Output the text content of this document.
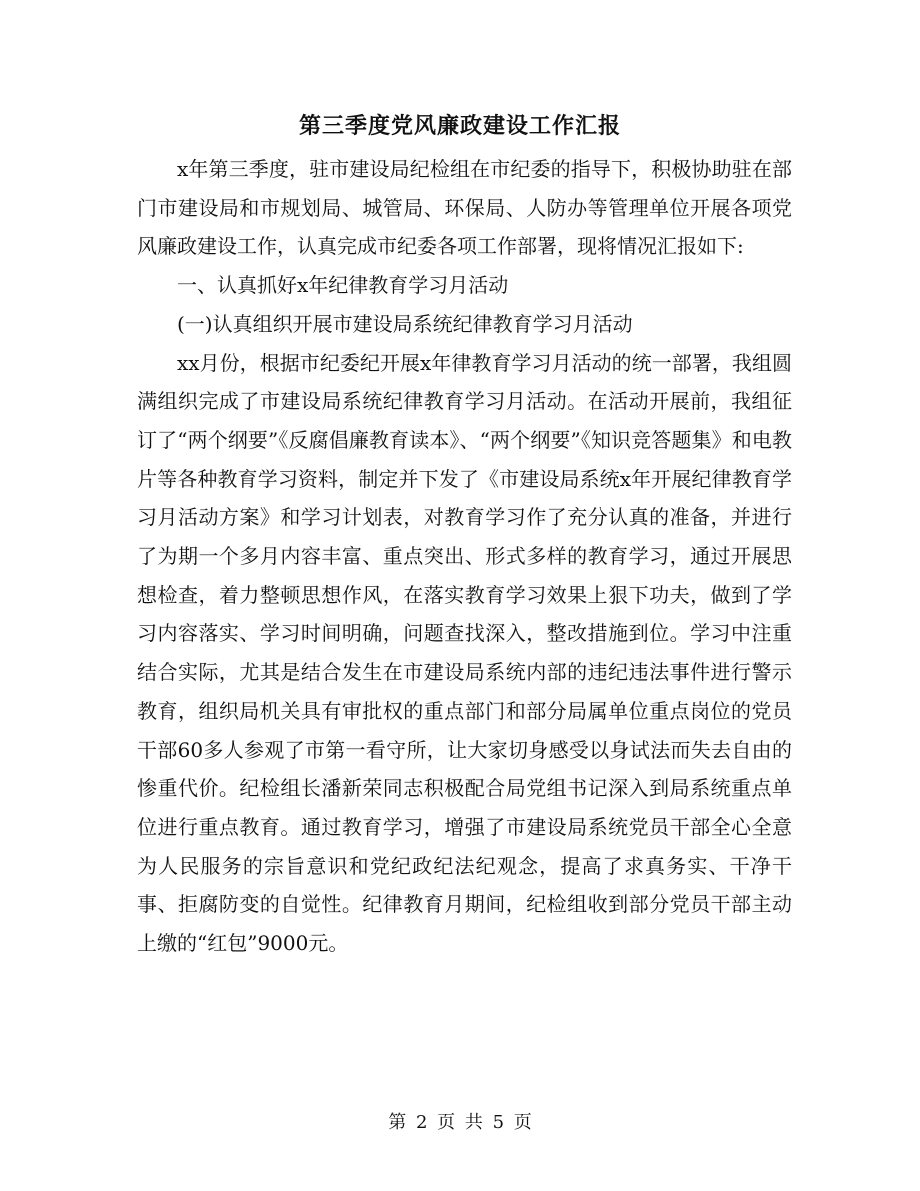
第三季度党风廉政建设工作汇报

x年第三季度，驻市建设局纪检组在市纪委的指导下，积极协助驻在部门市建设局和市规划局、城管局、环保局、人防办等管理单位开展各项党风廉政建设工作，认真完成市纪委各项工作部署，现将情况汇报如下:

一、认真抓好x年纪律教育学习月活动

(一)认真组织开展市建设局系统纪律教育学习月活动

xx月份，根据市纪委纪开展x年律教育学习月活动的统一部署，我组圆满组织完成了市建设局系统纪律教育学习月活动。在活动开展前，我组征订了“两个纲要”《反腐倡廉教育读本》、“两个纲要”《知识竞答题集》和电教片等各种教育学习资料，制定并下发了《市建设局系统x年开展纪律教育学习月活动方案》和学习计划表，对教育学习作了充分认真的准备，并进行了为期一个多月内容丰富、重点突出、形式多样的教育学习，通过开展思想检查，着力整顿思想作风，在落实教育学习效果上狠下功夫，做到了学习内容落实、学习时间明确，问题查找深入，整改措施到位。学习中注重结合实际，尤其是结合发生在市建设局系统内部的违纪违法事件进行警示教育，组织局机关具有审批权的重点部门和部分局属单位重点岗位的党员干部60多人参观了市第一看守所，让大家切身感受以身试法而失去自由的惨重代价。纪检组长潘新荣同志积极配合局党组书记深入到局系统重点单位进行重点教育。通过教育学习，增强了市建设局系统党员干部全心全意为人民服务的宗旨意识和党纪政纪法纪观念，提高了求真务实、干净干事、拒腐防变的自觉性。纪律教育月期间，纪检组收到部分党员干部主动上缴的“红包”9000元。

第 2 页 共 5 页
